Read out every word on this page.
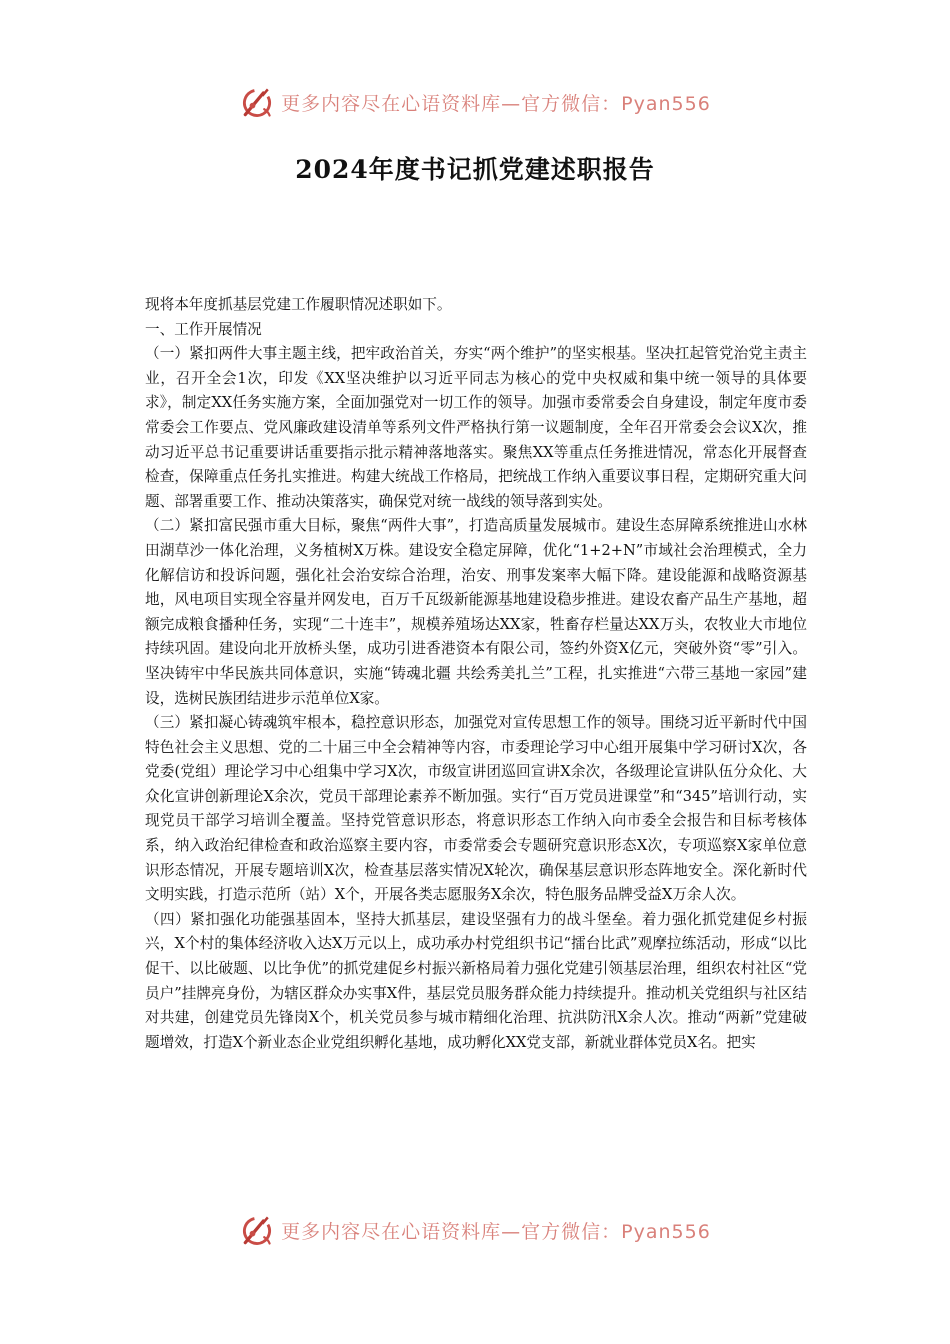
更多内容尽在心语资料库—官方微信：Pyan556
2024年度书记抓党建述职报告

现将本年度抓基层党建工作履职情况述职如下。

一、工作开展情况

（一）紧扣两件大事主题主线，把牢政治首关，夯实“两个维护”的坚实根基。坚决扛起管党治党主责主业，召开全会1次，印发《XX坚决维护以习近平同志为核心的党中央权威和集中统一领导的具体要求》，制定XX任务实施方案，全面加强党对一切工作的领导。加强市委常委会自身建设，制定年度市委常委会工作要点、党风廉政建设清单等系列文件严格执行第一议题制度，全年召开常委会会议X次，推动习近平总书记重要讲话重要指示批示精神落地落实。聚焦XX等重点任务推进情况，常态化开展督查检查，保障重点任务扎实推进。构建大统战工作格局，把统战工作纳入重要议事日程，定期研究重大问题、部署重要工作、推动决策落实，确保党对统一战线的领导落到实处。

（二）紧扣富民强市重大目标，聚焦“两件大事”，打造高质量发展城市。建设生态屏障系统推进山水林田湖草沙一体化治理，义务植树X万株。建设安全稳定屏障，优化“1+2+N”市域社会治理模式，全力化解信访和投诉问题，强化社会治安综合治理，治安、刑事发案率大幅下降。建设能源和战略资源基地，风电项目实现全容量并网发电，百万千瓦级新能源基地建设稳步推进。建设农畜产品生产基地，超额完成粮食播种任务，实现“二十连丰”，规模养殖场达XX家，牲畜存栏量达XX万头，农牧业大市地位持续巩固。建设向北开放桥头堡，成功引进香港资本有限公司，签约外资X亿元，突破外资“零”引入。坚决铸牢中华民族共同体意识，实施“铸魂北疆 共绘秀美扎兰”工程，扎实推进“六带三基地一家园”建设，选树民族团结进步示范单位X家。

（三）紧扣凝心铸魂筑牢根本，稳控意识形态，加强党对宣传思想工作的领导。围绕习近平新时代中国特色社会主义思想、党的二十届三中全会精神等内容，市委理论学习中心组开展集中学习研讨X次，各党委(党组）理论学习中心组集中学习X次，市级宣讲团巡回宣讲X余次，各级理论宣讲队伍分众化、大众化宣讲创新理论X余次，党员干部理论素养不断加强。实行“百万党员进课堂”和“345”培训行动，实现党员干部学习培训全覆盖。坚持党管意识形态，将意识形态工作纳入向市委全会报告和目标考核体系，纳入政治纪律检查和政治巡察主要内容，市委常委会专题研究意识形态X次，专项巡察X家单位意识形态情况，开展专题培训X次，检查基层落实情况X轮次，确保基层意识形态阵地安全。深化新时代文明实践，打造示范所（站）X个，开展各类志愿服务X余次，特色服务品牌受益X万余人次。

（四）紧扣强化功能强基固本，坚持大抓基层，建设坚强有力的战斗堡垒。着力强化抓党建促乡村振兴，X个村的集体经济收入达X万元以上，成功承办村党组织书记“擂台比武”观摩拉练活动，形成“以比促干、以比破题、以比争优”的抓党建促乡村振兴新格局着力强化党建引领基层治理，组织农村社区“党员户”挂牌亮身份，为辖区群众办实事X件，基层党员服务群众能力持续提升。推动机关党组织与社区结对共建，创建党员先锋岗X个，机关党员参与城市精细化治理、抗洪防汛X余人次。推动“两新”党建破题增效，打造X个新业态企业党组织孵化基地，成功孵化XX党支部，新就业群体党员X名。把实

更多内容尽在心语资料库—官方微信：Pyan556
